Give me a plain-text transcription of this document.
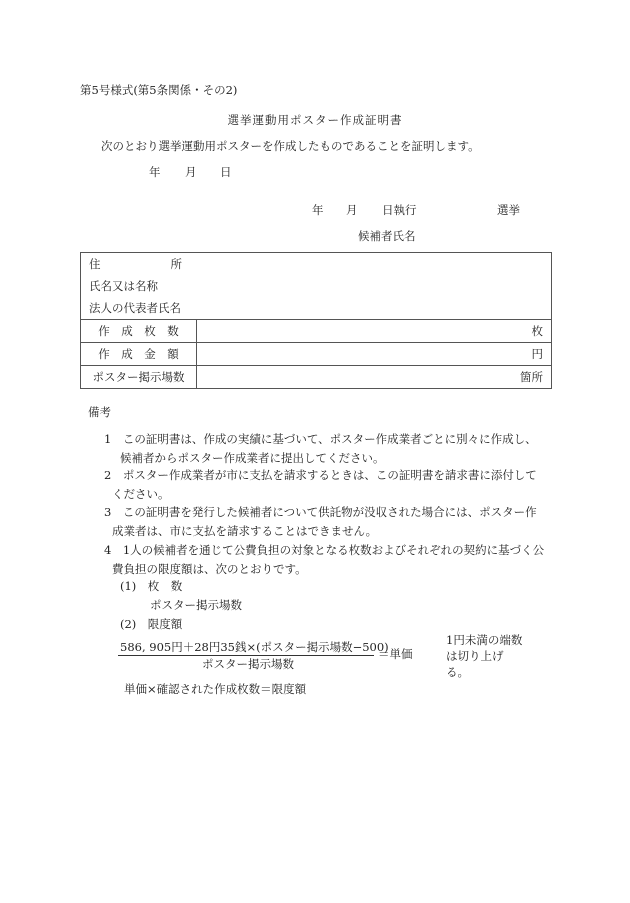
第5号様式(第5条関係・その2)
選挙運動用ポスター作成証明書
次のとおり選挙運動用ポスターを作成したものであることを証明します。
年 月 日
年 月 日執行	選挙
候補者氏名
住 所
氏名又は名称
法人の代表者氏名	

作　成　枚　数	枚
作　成　金　額	円
ポスター掲示場数	箇所
備考
1　この証明書は、作成の実績に基づいて、ポスター作成業者ごとに別々に作成し、
候補者からポスター作成業者に提出してください。
2　ポスター作成業者が市に支払を請求するときは、この証明書を請求書に添付して
ください。
3　この証明書を発行した候補者について供託物が没収された場合には、ポスター作
成業者は、市に支払を請求することはできません。
4　1人の候補者を通じて公費負担の対象となる枚数およびそれぞれの契約に基づく公
費負担の限度額は、次のとおりです。
(1)　枚　数
ポスター掲示場数
(2)　限度額
586, 905円＋28円35銭×(ポスター掲示場数−500)
ポスター掲示場数
＝単価
1円未満の端数は切り上げる。
単価×確認された作成枚数＝限度額
